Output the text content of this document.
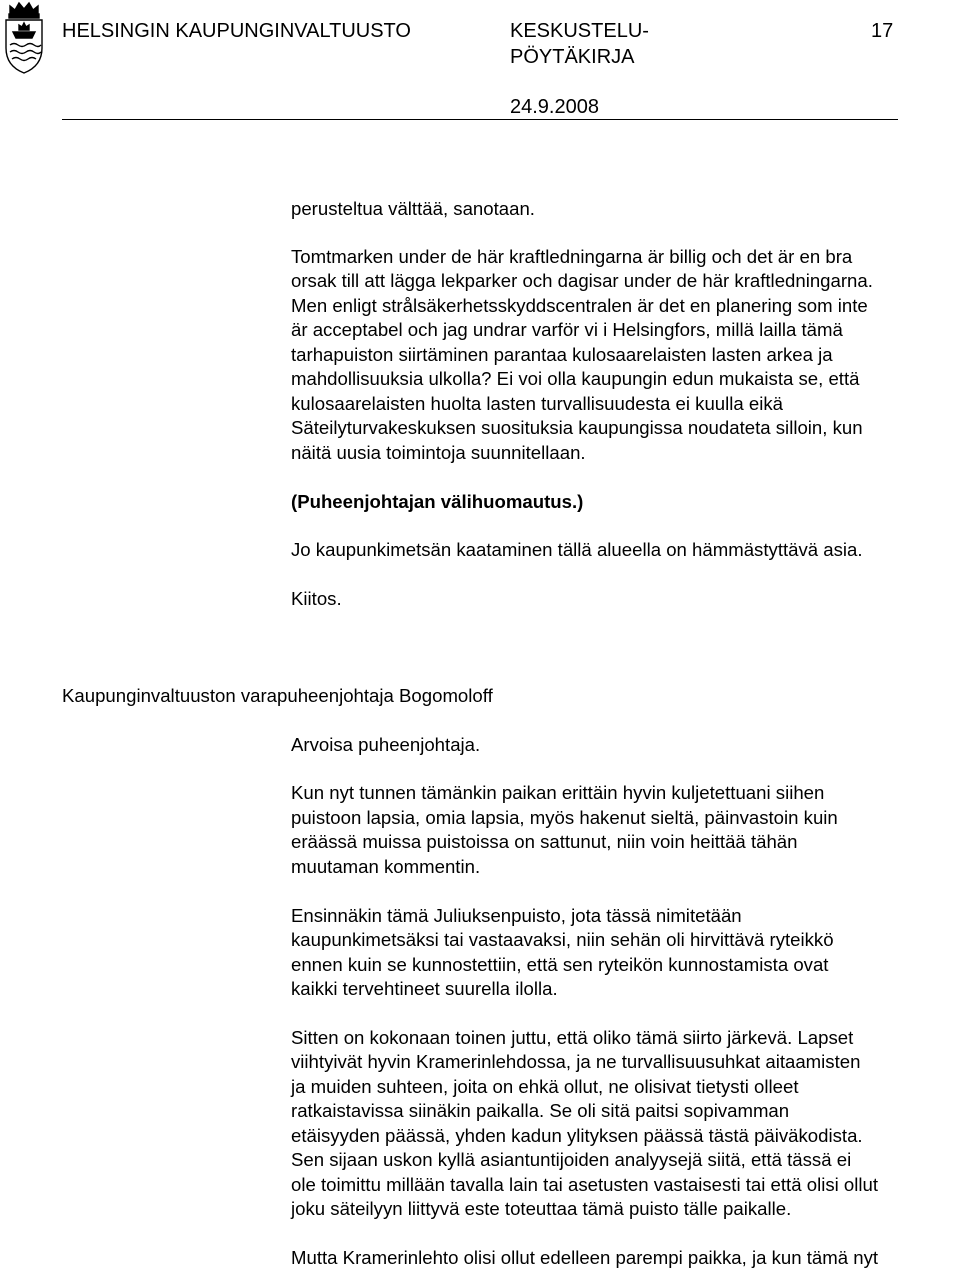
HELSINGIN KAUPUNGINVALTUUSTO	KESKUSTELU-
PÖYTÄKIRJA
17
24.9.2008
perusteltua välttää, sanotaan.
Tomtmarken under de här kraftledningarna är billig och det är en bra
orsak till att lägga lekparker och dagisar under de här kraftledningarna.
Men enligt strålsäkerhetsskyddscentralen är det en planering som inte
är acceptabel och jag undrar varför vi i Helsingfors, millä lailla tämä
tarhapuiston siirtäminen parantaa kulosaarelaisten lasten arkea ja
mahdollisuuksia ulkolla? Ei voi olla kaupungin edun mukaista se, että
kulosaarelaisten huolta lasten turvallisuudesta ei kuulla eikä
Säteilyturvakeskuksen suosituksia kaupungissa noudateta silloin, kun
näitä uusia toimintoja suunnitellaan.
(Puheenjohtajan välihuomautus.)
Jo kaupunkimetsän kaataminen tällä alueella on hämmästyttävä asia.
Kiitos.
Kaupunginvaltuuston varapuheenjohtaja Bogomoloff
Arvoisa puheenjohtaja.
Kun nyt tunnen tämänkin paikan erittäin hyvin kuljetettuani siihen
puistoon lapsia, omia lapsia, myös hakenut sieltä, päinvastoin kuin
eräässä muissa puistoissa on sattunut, niin voin heittää tähän
muutaman kommentin.
Ensinnäkin tämä Juliuksenpuisto, jota tässä nimitetään
kaupunkimetsäksi tai vastaavaksi, niin sehän oli hirvittävä ryteikkö
ennen kuin se kunnostettiin, että sen ryteikön kunnostamista ovat
kaikki tervehtineet suurella ilolla.
Sitten on kokonaan toinen juttu, että oliko tämä siirto järkevä. Lapset
viihtyivät hyvin Kramerinlehdossa, ja ne turvallisuusuhkat aitaamisten
ja muiden suhteen, joita on ehkä ollut, ne olisivat tietysti olleet
ratkaistavissa siinäkin paikalla. Se oli sitä paitsi sopivamman
etäisyyden päässä, yhden kadun ylityksen päässä tästä päiväkodista.
Sen sijaan uskon kyllä asiantuntijoiden analyysejä siitä, että tässä ei
ole toimittu millään tavalla lain tai asetusten vastaisesti tai että olisi ollut
joku säteilyyn liittyvä este toteuttaa tämä puisto tälle paikalle.
Mutta Kramerinlehto olisi ollut edelleen parempi paikka, ja kun tämä nyt
